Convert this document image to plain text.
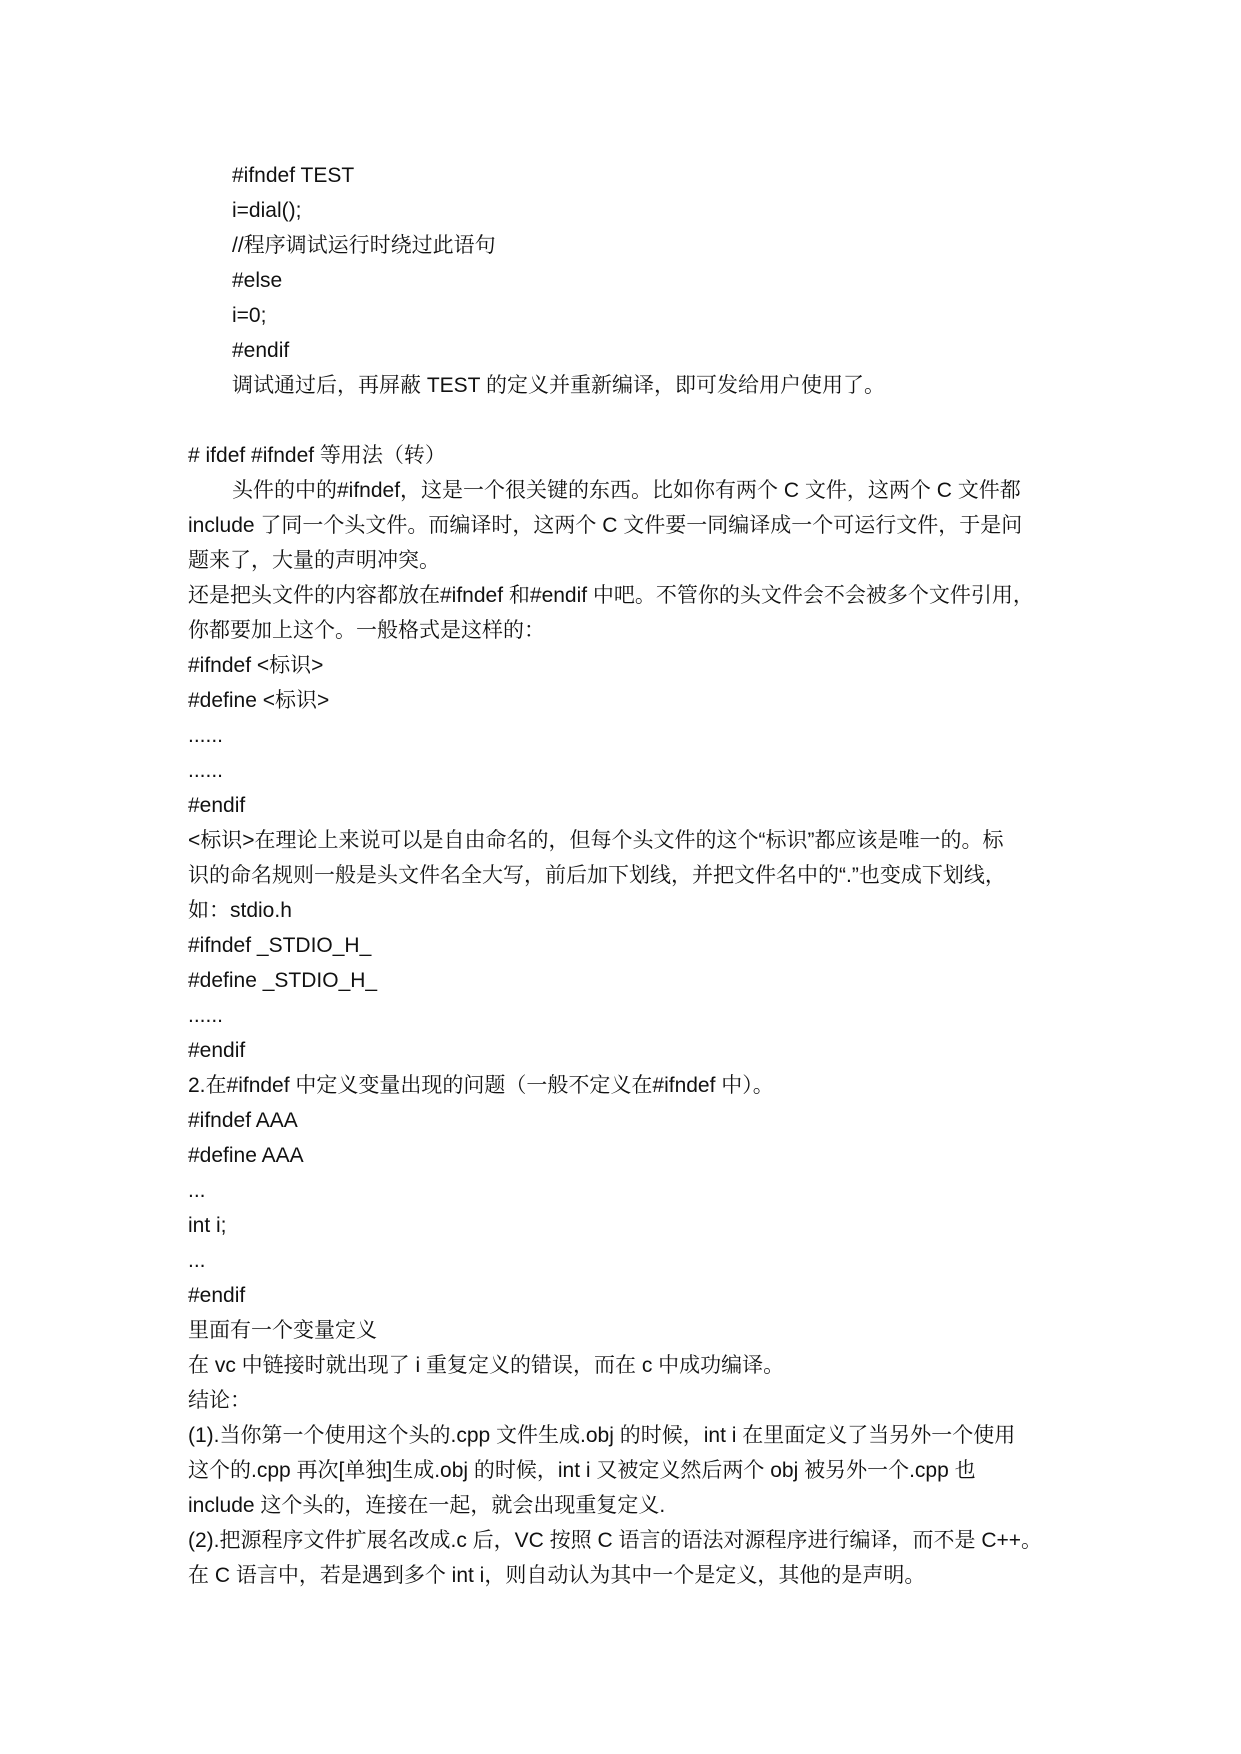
#ifndef TEST
i=dial();
//程序调试运行时绕过此语句
#else
i=0;
#endif
调试通过后，再屏蔽 TEST 的定义并重新编译，即可发给用户使用了。
# ifdef #ifndef 等用法（转）
头件的中的#ifndef，这是一个很关键的东西。比如你有两个 C 文件，这两个 C 文件都
include 了同一个头文件。而编译时，这两个 C 文件要一同编译成一个可运行文件，于是问
题来了，大量的声明冲突。
还是把头文件的内容都放在#ifndef 和#endif 中吧。不管你的头文件会不会被多个文件引用，
你都要加上这个。一般格式是这样的：
#ifndef <标识>
#define <标识>
......
......
#endif
<标识>在理论上来说可以是自由命名的，但每个头文件的这个“标识”都应该是唯一的。标
识的命名规则一般是头文件名全大写，前后加下划线，并把文件名中的“.”也变成下划线，
如：stdio.h
#ifndef _STDIO_H_
#define _STDIO_H_
......
#endif
2.在#ifndef 中定义变量出现的问题（一般不定义在#ifndef 中）。
#ifndef AAA
#define AAA
...
int i;
...
#endif
里面有一个变量定义
在 vc 中链接时就出现了 i 重复定义的错误，而在 c 中成功编译。
结论：
(1).当你第一个使用这个头的.cpp 文件生成.obj 的时候，int i 在里面定义了当另外一个使用
这个的.cpp 再次[单独]生成.obj 的时候，int i 又被定义然后两个 obj 被另外一个.cpp 也
include 这个头的，连接在一起，就会出现重复定义.
(2).把源程序文件扩展名改成.c 后，VC 按照 C 语言的语法对源程序进行编译，而不是 C++。
在 C 语言中，若是遇到多个 int i，则自动认为其中一个是定义，其他的是声明。
